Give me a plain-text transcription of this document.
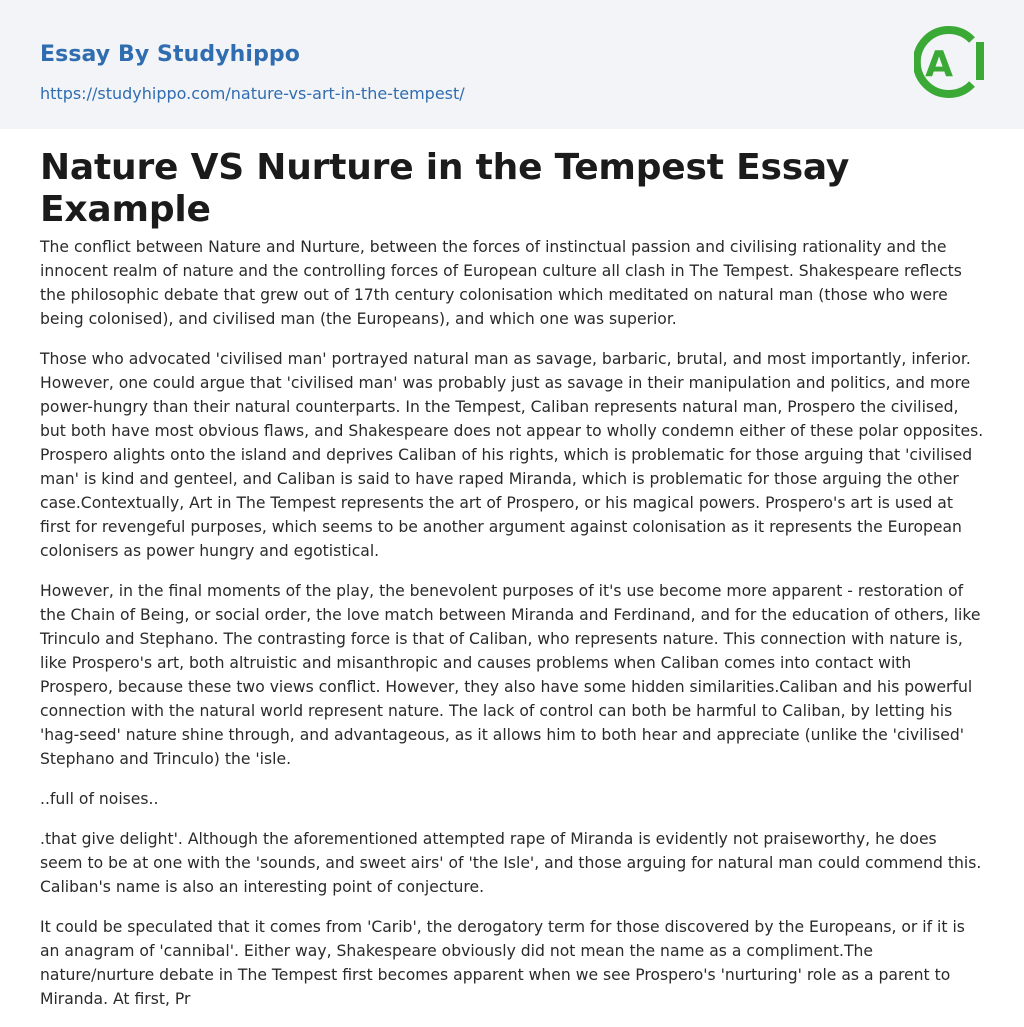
Essay By Studyhippo
https://studyhippo.com/nature-vs-art-in-the-tempest/
A
Nature VS Nurture in the Tempest Essay Example

The conflict between Nature and Nurture, between the forces of instinctual passion and civilising rationality and the innocent realm of nature and the controlling forces of European culture all clash in The Tempest. Shakespeare reflects the philosophic debate that grew out of 17th century colonisation which meditated on natural man (those who were being colonised), and civilised man (the Europeans), and which one was superior.

Those who advocated 'civilised man' portrayed natural man as savage, barbaric, brutal, and most importantly, inferior. However, one could argue that 'civilised man' was probably just as savage in their manipulation and politics, and more power-hungry than their natural counterparts. In the Tempest, Caliban represents natural man, Prospero the civilised, but both have most obvious flaws, and Shakespeare does not appear to wholly condemn either of these polar opposites. Prospero alights onto the island and deprives Caliban of his rights, which is problematic for those arguing that 'civilised man' is kind and genteel, and Caliban is said to have raped Miranda, which is problematic for those arguing the other case.Contextually, Art in The Tempest represents the art of Prospero, or his magical powers. Prospero's art is used at first for revengeful purposes, which seems to be another argument against colonisation as it represents the European colonisers as power hungry and egotistical.

However, in the final moments of the play, the benevolent purposes of it's use become more apparent - restoration of the Chain of Being, or social order, the love match between Miranda and Ferdinand, and for the education of others, like Trinculo and Stephano. The contrasting force is that of Caliban, who represents nature. This connection with nature is, like Prospero's art, both altruistic and misanthropic and causes problems when Caliban comes into contact with Prospero, because these two views conflict. However, they also have some hidden similarities.Caliban and his powerful connection with the natural world represent nature. The lack of control can both be harmful to Caliban, by letting his 'hag-seed' nature shine through, and advantageous, as it allows him to both hear and appreciate (unlike the 'civilised' Stephano and Trinculo) the 'isle.

..full of noises..

.that give delight'. Although the aforementioned attempted rape of Miranda is evidently not praiseworthy, he does seem to be at one with the 'sounds, and sweet airs' of 'the Isle', and those arguing for natural man could commend this. Caliban's name is also an interesting point of conjecture.

It could be speculated that it comes from 'Carib', the derogatory term for those discovered by the Europeans, or if it is an anagram of 'cannibal'. Either way, Shakespeare obviously did not mean the name as a compliment.The nature/nurture debate in The Tempest first becomes apparent when we see Prospero's 'nurturing' role as a parent to Miranda. At first, Pr
